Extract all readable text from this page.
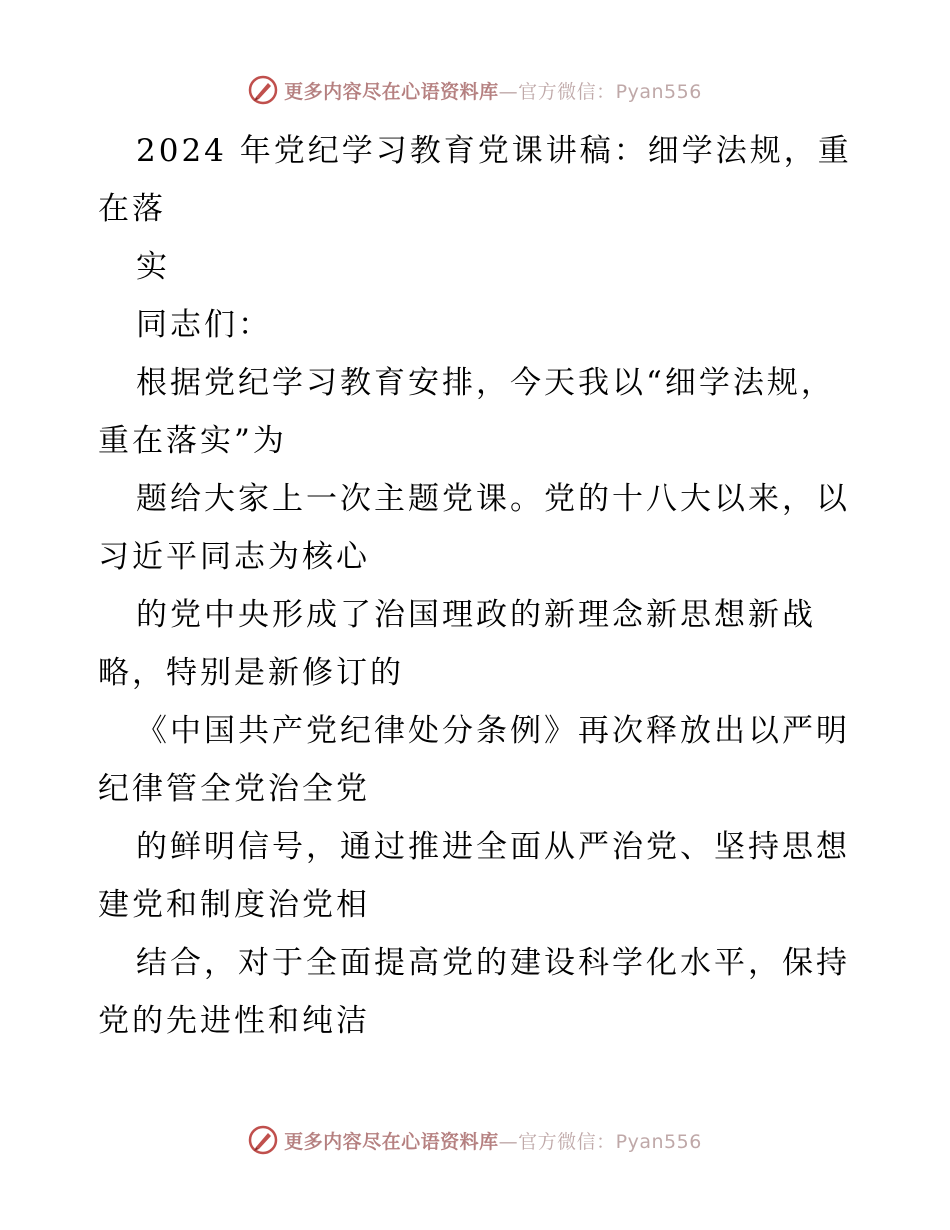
更多内容尽在心语资料库—官方微信：Pyan556
2024 年党纪学习教育党课讲稿：细学法规，重
在落
实
同志们：
根据党纪学习教育安排，今天我以“细学法规，
重在落实”为
题给大家上一次主题党课。党的十八大以来，以
习近平同志为核心
的党中央形成了治国理政的新理念新思想新战
略，特别是新修订的
《中国共产党纪律处分条例》再次释放出以严明
纪律管全党治全党
的鲜明信号，通过推进全面从严治党、坚持思想
建党和制度治党相
结合，对于全面提高党的建设科学化水平，保持
党的先进性和纯洁
更多内容尽在心语资料库—官方微信：Pyan556
